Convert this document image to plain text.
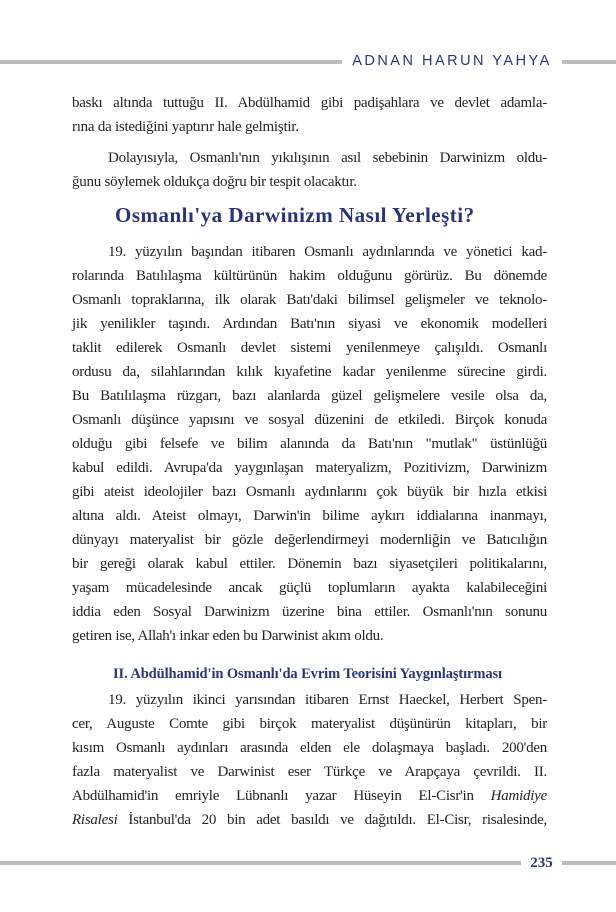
ADNAN HARUN YAHYA
baskı altında tuttuğu II. Abdülhamid gibi padişahlara ve devlet adamla-
rına da istediğini yaptırır hale gelmiştir.
Dolayısıyla, Osmanlı'nın yıkılışının asıl sebebinin Darwinizm oldu-
ğunu söylemek oldukça doğru bir tespit olacaktır.
Osmanlı'ya Darwinizm Nasıl Yerleşti?
19. yüzyılın başından itibaren Osmanlı aydınlarında ve yönetici kad-
rolarında Batılılaşma kültürünün hakim olduğunu görürüz. Bu dönemde
Osmanlı topraklarına, ilk olarak Batı'daki bilimsel gelişmeler ve teknolo-
jik yenilikler taşındı. Ardından Batı'nın siyasi ve ekonomik modelleri
taklit edilerek Osmanlı devlet sistemi yenilenmeye çalışıldı. Osmanlı
ordusu da, silahlarından kılık kıyafetine kadar yenilenme sürecine girdi.
Bu Batılılaşma rüzgarı, bazı alanlarda güzel gelişmelere vesile olsa da,
Osmanlı düşünce yapısını ve sosyal düzenini de etkiledi. Birçok konuda
olduğu gibi felsefe ve bilim alanında da Batı'nın "mutlak" üstünlüğü
kabul edildi. Avrupa'da yaygınlaşan materyalizm, Pozitivizm, Darwinizm
gibi ateist ideolojiler bazı Osmanlı aydınlarını çok büyük bir hızla etkisi
altına aldı. Ateist olmayı, Darwin'in bilime aykırı iddialarına inanmayı,
dünyayı materyalist bir gözle değerlendirmeyi modernliğin ve Batıcılığın
bir gereği olarak kabul ettiler. Dönemin bazı siyasetçileri politikalarını,
yaşam mücadelesinde ancak güçlü toplumların ayakta kalabileceğini
iddia eden Sosyal Darwinizm üzerine bina ettiler. Osmanlı'nın sonunu
getiren ise, Allah'ı inkar eden bu Darwinist akım oldu.
II. Abdülhamid'in Osmanlı'da Evrim Teorisini Yaygınlaştırması
19. yüzyılın ikinci yarısından itibaren Ernst Haeckel, Herbert Spen-
cer, Auguste Comte gibi birçok materyalist düşünürün kitapları, bir
kısım Osmanlı aydınları arasında elden ele dolaşmaya başladı. 200'den
fazla materyalist ve Darwinist eser Türkçe ve Arapçaya çevrildi. II.
Abdülhamid'in emriyle Lübnanlı yazar Hüseyin El-Cisr'in Hamidiye
Risalesi İstanbul'da 20 bin adet basıldı ve dağıtıldı. El-Cisr, risalesinde,
235
